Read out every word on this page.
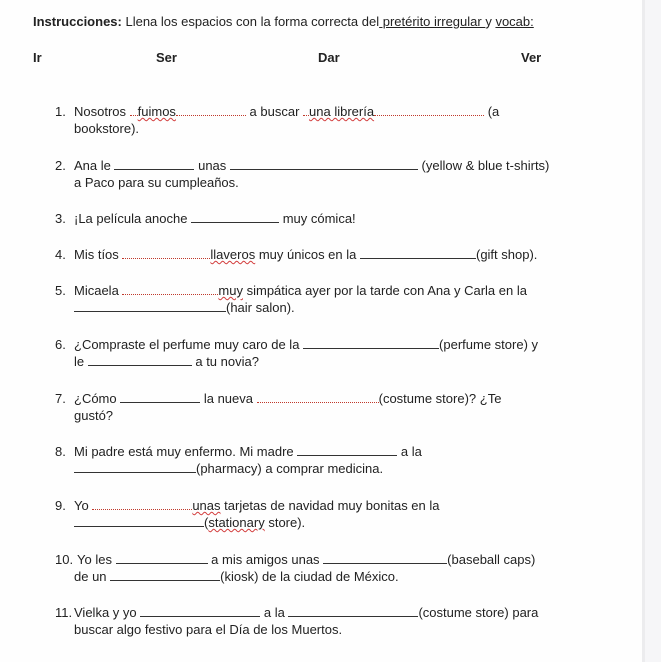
Instrucciones: Llena los espacios con la forma correcta del pretérito irregular y vocab:
Ir	Ser	Dar	Ver
1. Nosotros fuimos	a buscar una librería	(a
bookstore).
2. Ana le	unas	(yellow & blue t-shirts)
a Paco para su cumpleaños.
3. ¡La película anoche	muy cómica!
4. Mis tíos	llaveros muy únicos en la	(gift shop).
5. Micaela	muy simpática ayer por la tarde con Ana y Carla en la
(hair salon).
6. ¿Compraste el perfume muy caro de la	(perfume store) y
le	a tu novia?
7. ¿Cómo	la nueva	(costume store)? ¿Te
gustó?
8. Mi padre está muy enfermo. Mi madre	a la
(pharmacy) a comprar medicina.
9. Yo	unas tarjetas de navidad muy bonitas en la
(stationary store).
10. Yo les	a mis amigos unas	(baseball caps)
de un	(kiosk) de la ciudad de México.
11. Vielka y yo	a la	(costume store) para
buscar algo festivo para el Día de los Muertos.
